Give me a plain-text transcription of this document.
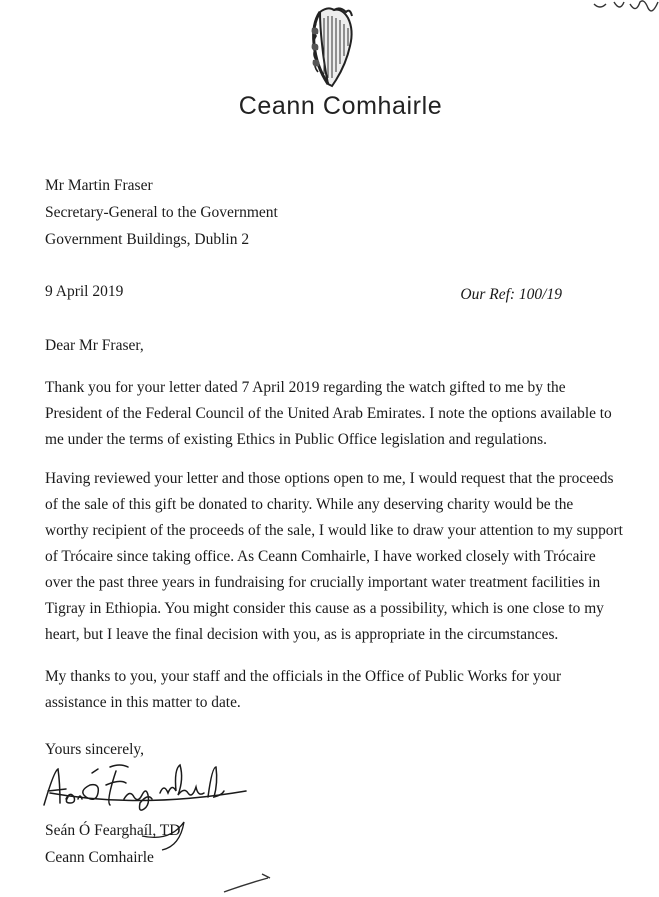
Ceann Comhairle
Mr Martin Fraser
Secretary-General to the Government
Government Buildings, Dublin 2
9 April 2019	Our Ref: 100/19
Dear Mr Fraser,
Thank you for your letter dated 7 April 2019 regarding the watch gifted to me by the
President of the Federal Council of the United Arab Emirates. I note the options available to
me under the terms of existing Ethics in Public Office legislation and regulations.
Having reviewed your letter and those options open to me, I would request that the proceeds
of the sale of this gift be donated to charity. While any deserving charity would be the
worthy recipient of the proceeds of the sale, I would like to draw your attention to my support
of Trócaire since taking office. As Ceann Comhairle, I have worked closely with Trócaire
over the past three years in fundraising for crucially important water treatment facilities in
Tigray in Ethiopia. You might consider this cause as a possibility, which is one close to my
heart, but I leave the final decision with you, as is appropriate in the circumstances.
My thanks to you, your staff and the officials in the Office of Public Works for your
assistance in this matter to date.
Yours sincerely,
Seán Ó Fearghaíl, TD
Ceann Comhairle
